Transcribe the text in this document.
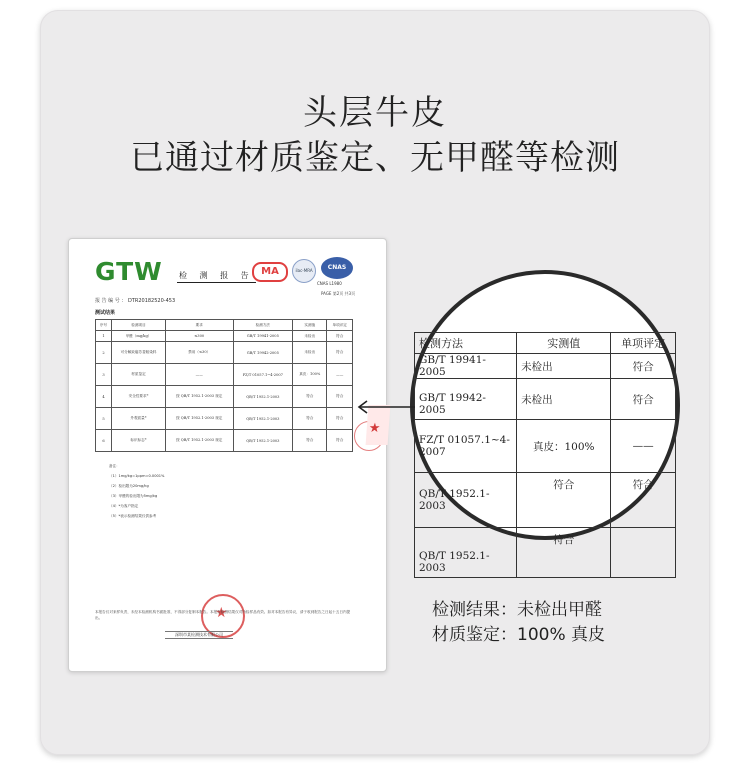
头层牛皮
已通过材质鉴定、无甲醛等检测
GTW 检 测 报 告 MA	ilac-MRA	CNAS
CNAS L1980
PAGE 第2页 共3页
报 告 编 号 ： DTR20182520-453
测试结果
序号	检测项目	要求	检测方法	实测值	单项评定
1	甲醛（mg/kg）	≤300	GB/T 19941-2005	未检出	符合
2	可分解致癌芳香胺染料	禁用（≤30）	GB/T 19942-2005	未检出	符合
3	材质鉴定	——	FZ/T 01057.1~4-2007	真皮：100%	——
4	安全性要求*	按 QB/T 1952.1-2003 规定	QB/T 1952.1-2003	符合	符合
5	外观质量*	按 QB/T 1952.1-2003 规定	QB/T 1952.1-2003	符合	符合
6	标识标志*	按 QB/T 1952.1-2003 规定	QB/T 1952.1-2003	符合	符合
备注：
（1）1mg/kg=1ppm=0.0001%
（2）检出限为20mg/kg
（3）甲醛的检出限为5mg/kg
（4）*为客户指定
（5）*表示检测结果仅供参考
★
本报告仅对来样负责，未经本检测机构书面批准，不得部分复制本报告。本报告检测结果仅对所检样品有效。如对本报告有异议，请于收到报告之日起十五日内提出。
深圳市某检测技术有限公司
★
检测方法	实测值	单项评定
GB/T 19941-2005	未检出	符合
GB/T 19942-2005	未检出	符合
FZ/T 01057.1~4-2007	真皮：100%	——
QB/T 1952.1-2003	符合	符合
QB/T 1952.1-2003	符合	
检测结果：未检出甲醛
材质鉴定：100% 真皮
